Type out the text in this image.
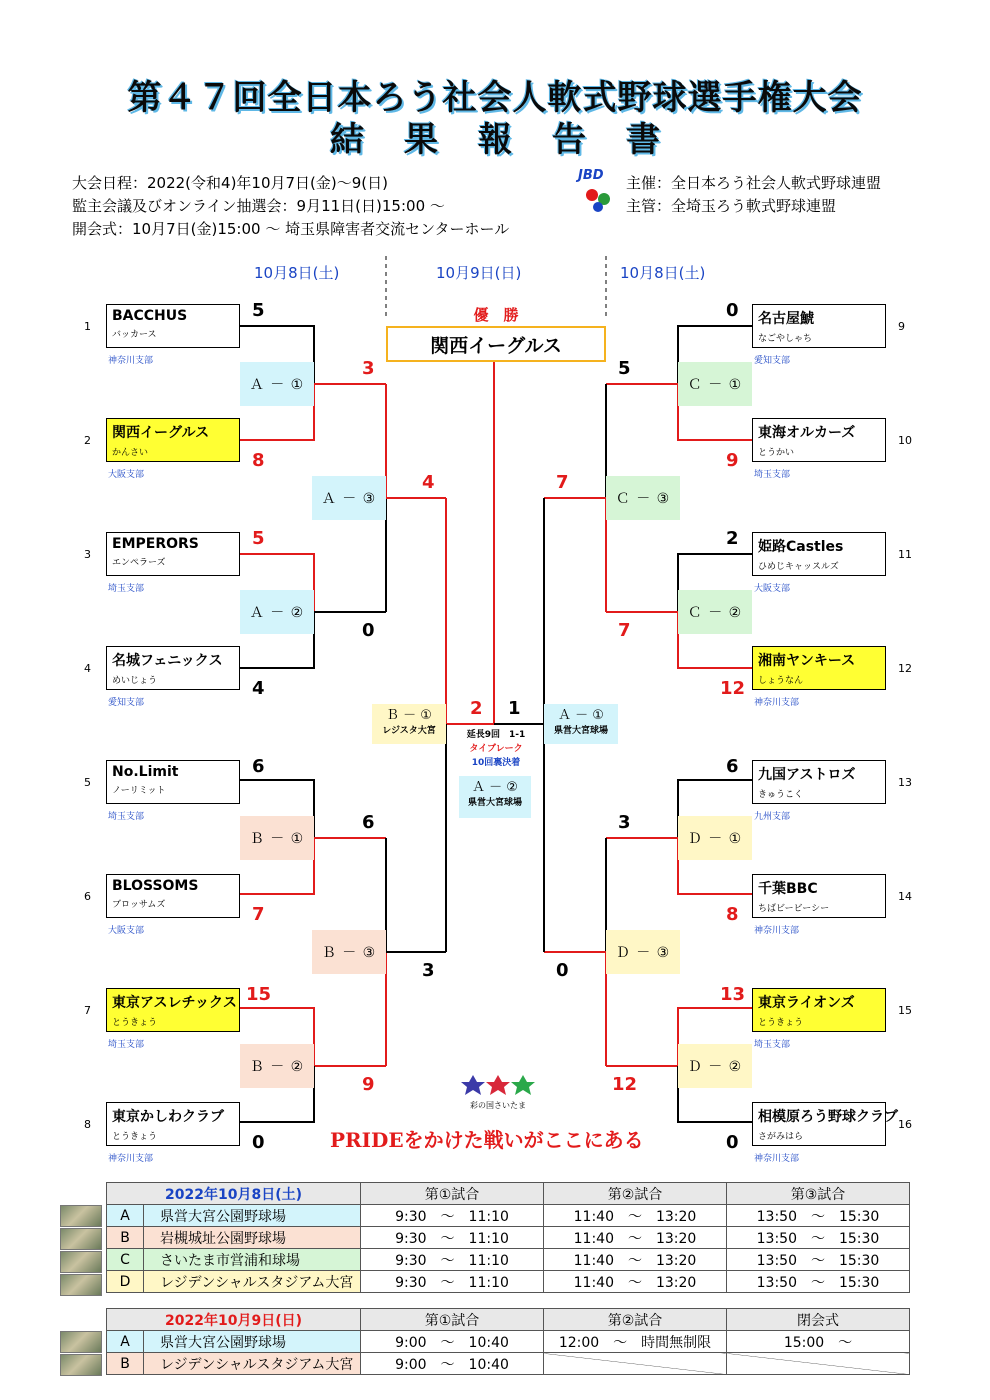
第４７回全日本ろう社会人軟式野球選手権大会
結果報告書
大会日程：2022(令和4)年10月7日(金)～9(日)
監主会議及びオンライン抽選会：9月11日(日)15:00 ～
開会式：10月7日(金)15:00 ～ 埼玉県障害者交流センターホール
JBD	主催：全日本ろう社会人軟式野球連盟
主管：全埼玉ろう軟式野球連盟
10月8日(土)	10月9日(日)	10月8日(土)
優　勝
関西イーグルス
1
BACCHUS
バッカース
神奈川支部
2 関西イーグルス
かんさい
大阪支部
3
EMPERORS
エンペラーズ
埼玉支部
4 名城フェニックス
めいじょう
愛知支部
5
No.Limit
ノーリミット
埼玉支部
6
BLOSSOMS
ブロッサムズ
大阪支部
7 東京アスレチックス
とうきょう
埼玉支部
8 東京かしわクラブ
とうきょう
神奈川支部
9
名古屋鯱
なごやしゃち
愛知支部
10
東海オルカーズ
とうかい
埼玉支部
11
姫路Castles
ひめじキャッスルズ
大阪支部
12
湘南ヤンキース
しょうなん
神奈川支部
13
九国アストロズ
きゅうこく
九州支部
14
千葉BBC
ちばビービーシー
神奈川支部
15
東京ライオンズ
とうきょう
埼玉支部
16
相模原ろう野球クラブ
さがみはら
神奈川支部
5
8
5
4
6
7
15
0
0
9
2
12
6
8
13
0
3
0
6
9
5
7
3
12
4
3
7
0
2 1
Ａ － ①
Ａ － ②
Ａ － ③
Ｂ － ①
Ｂ － ②
Ｂ － ③
Ｃ － ①
Ｃ － ②
Ｃ － ③
Ｄ － ①
Ｄ － ②
Ｄ － ③
Ｂ － ①
レジスタ大宮
Ａ － ①
県営大宮球場
延長9回　1-1
タイブレーク
10回裏決着
Ａ － ②
県営大宮球場
彩の国さいたま
PRIDEをかけた戦いがここにある
2022年10月8日(土)		第①試合	第②試合	第③試合
A	県営大宮公園野球場	9:30　～　11:10	11:40　～　13:20	13:50　～　15:30
B	岩槻城址公園野球場	9:30　～　11:10	11:40　～　13:20	13:50　～　15:30
C	さいたま市営浦和球場	9:30　～　11:10	11:40　～　13:20	13:50　～　15:30
D	レジデンシャルスタジアム大宮	9:30　～　11:10	11:40　～　13:20	13:50　～　15:30
2022年10月9日(日)		第①試合	第②試合	閉会式
A	県営大宮公園野球場	9:00　～　10:40	12:00　～　時間無制限	15:00　～
B	レジデンシャルスタジアム大宮	9:00　～　10:40		
